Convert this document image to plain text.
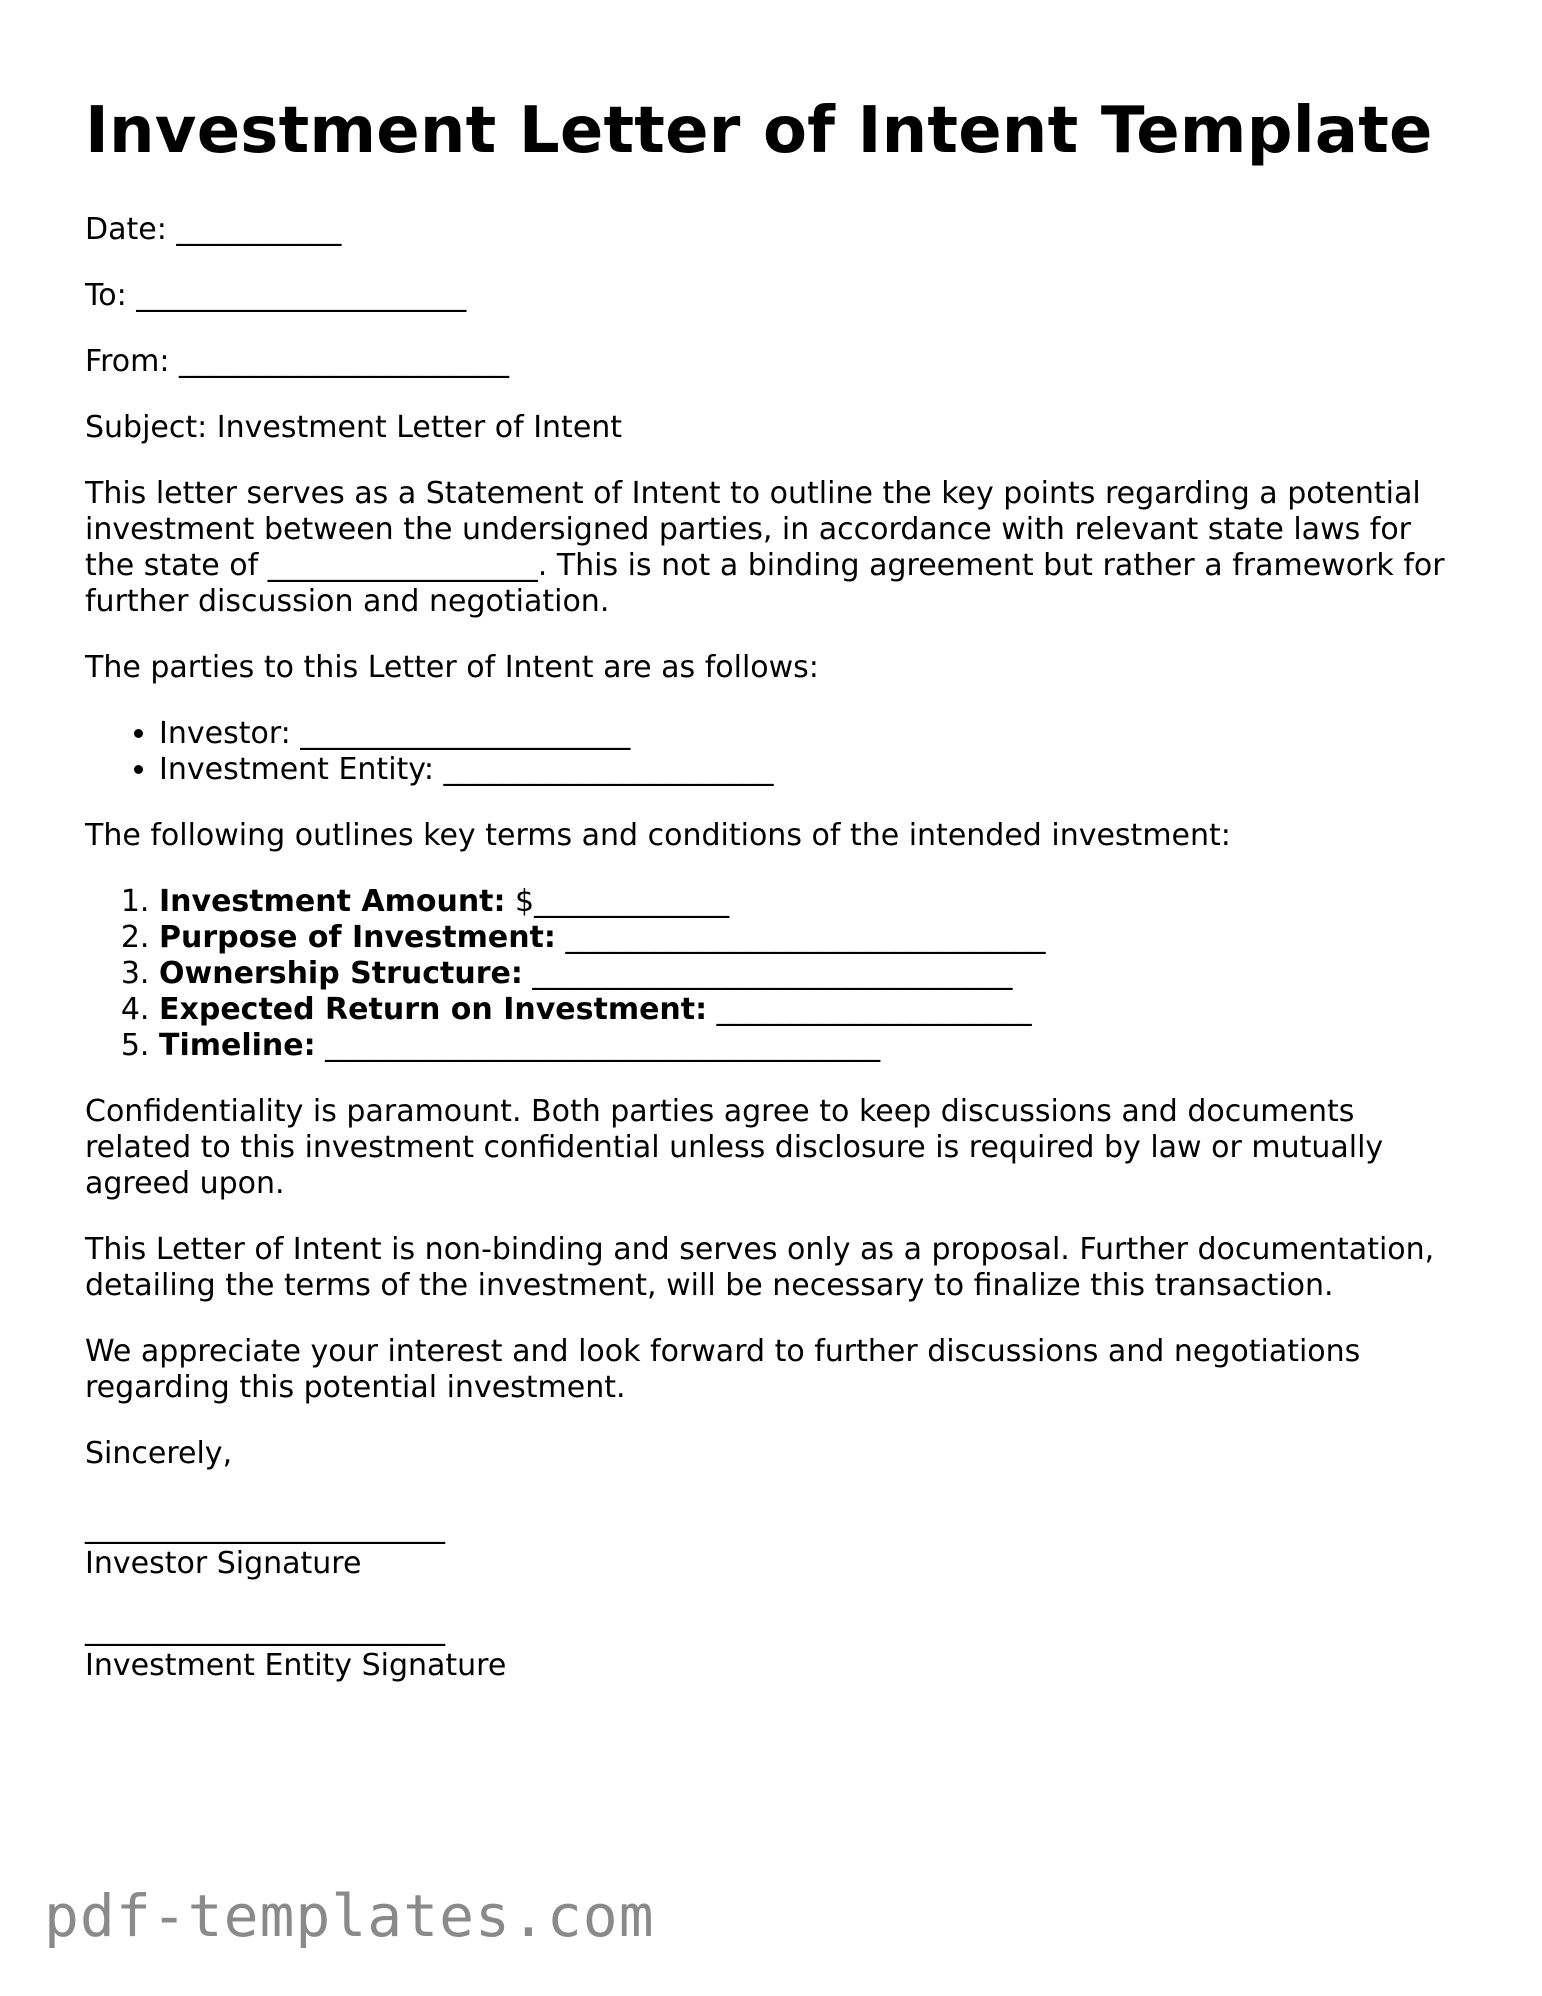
Investment Letter of Intent Template

Date: ___________

To: ______________________

From: ______________________

Subject: Investment Letter of Intent

This letter serves as a Statement of Intent to outline the key points regarding a potential investment between the undersigned parties, in accordance with relevant state laws for the state of __________________. This is not a binding agreement but rather a framework for further discussion and negotiation.

The parties to this Letter of Intent are as follows:

• Investor: ______________________
• Investment Entity: ______________________

The following outlines key terms and conditions of the intended investment:

1. Investment Amount: $_____________
2. Purpose of Investment: ________________________________
3. Ownership Structure: ________________________________
4. Expected Return on Investment: _____________________
5. Timeline: _____________________________________

Confidentiality is paramount. Both parties agree to keep discussions and documents related to this investment confidential unless disclosure is required by law or mutually agreed upon.

This Letter of Intent is non-binding and serves only as a proposal. Further documentation, detailing the terms of the investment, will be necessary to finalize this transaction.

We appreciate your interest and look forward to further discussions and negotiations regarding this potential investment.

Sincerely,

________________________

Investor Signature

________________________

Investment Entity Signature

pdf-templates.com
